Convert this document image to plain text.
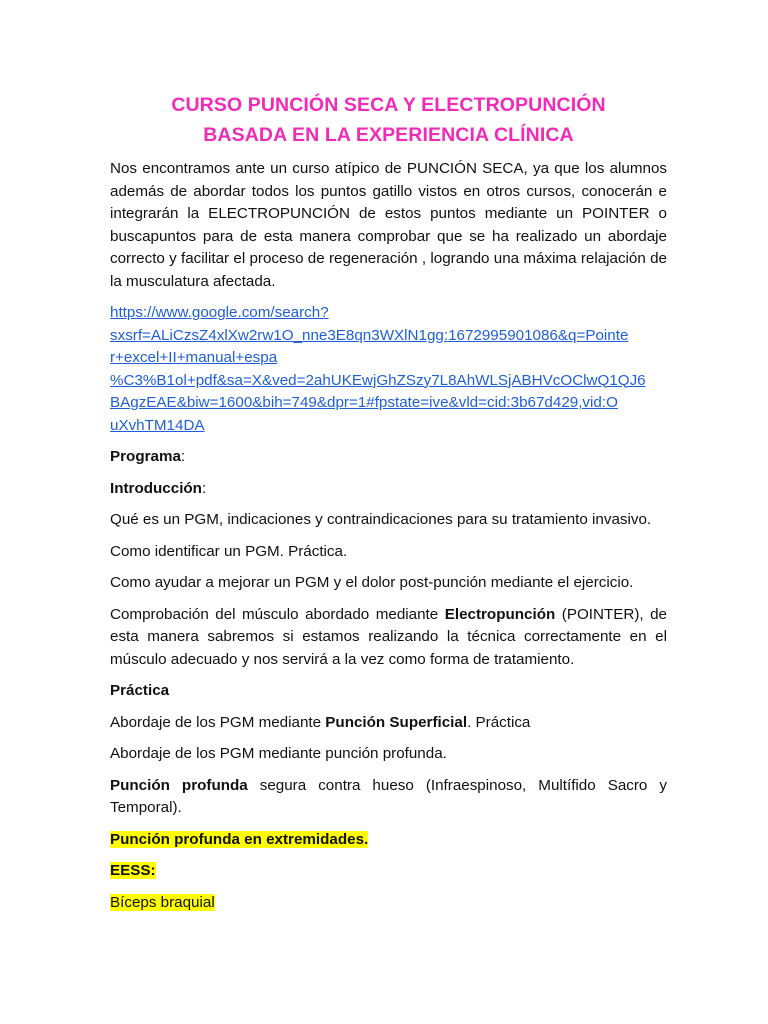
CURSO PUNCIÓN SECA Y ELECTROPUNCIÓN
BASADA EN LA EXPERIENCIA CLÍNICA

Nos encontramos ante un curso atípico de PUNCIÓN SECA, ya que los alumnos además de abordar todos los puntos gatillo vistos en otros cursos, conocerán e integrarán la ELECTROPUNCIÓN de estos puntos mediante un POINTER o buscapuntos para de esta manera comprobar que se ha realizado un abordaje correcto y facilitar el proceso de regeneración , logrando una máxima relajación de la musculatura afectada.

https://www.google.com/search?
sxsrf=ALiCzsZ4xlXw2rw1O_nne3E8qn3WXlN1gg:1672995901086&q=Pointe
r+excel+II+manual+espa
%C3%B1ol+pdf&sa=X&ved=2ahUKEwjGhZSzy7L8AhWLSjABHVcOClwQ1QJ6
BAgzEAE&biw=1600&bih=749&dpr=1#fpstate=ive&vld=cid:3b67d429,vid:O
uXvhTM14DA

Programa:

Introducción:

Qué es un PGM, indicaciones y contraindicaciones para su tratamiento invasivo.

Como identificar un PGM. Práctica.

Como ayudar a mejorar un PGM y el dolor post-punción mediante el ejercicio.

Comprobación del músculo abordado mediante Electropunción (POINTER), de esta manera sabremos si estamos realizando la técnica correctamente en el músculo adecuado y nos servirá a la vez como forma de tratamiento.

Práctica

Abordaje de los PGM mediante Punción Superficial. Práctica

Abordaje de los PGM mediante punción profunda.

Punción profunda segura contra hueso (Infraespinoso, Multífido Sacro y Temporal).

Punción profunda en extremidades.

EESS:

Bíceps braquial
